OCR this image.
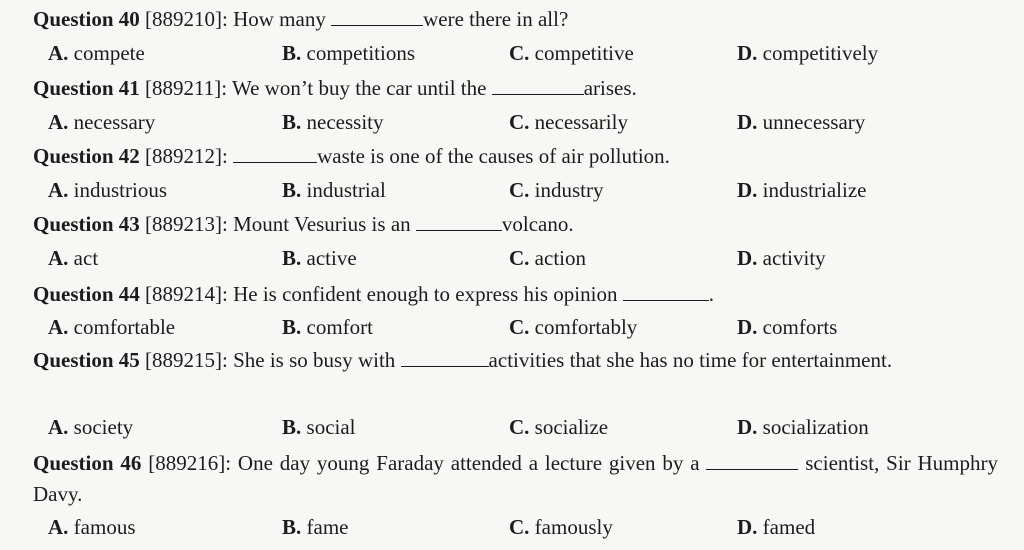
Question 40 [889210]: How many	were there in all?
A. compete	B. competitions	C. competitive	D. competitively
Question 41 [889211]: We won’t buy the car until the	arises.
A. necessary	B. necessity	C. necessarily	D. unnecessary
Question 42 [889212]:	waste is one of the causes of air pollution.
A. industrious	B. industrial	C. industry	D. industrialize
Question 43 [889213]: Mount Vesurius is an	volcano.
A. act	B. active	C. action	D. activity
Question 44 [889214]: He is confident enough to express his opinion	.
A. comfortable	B. comfort	C. comfortably	D. comforts
Question 45 [889215]: She is so busy with	activities that she has no time for entertainment.
A. society	B. social	C. socialize	D. socialization
Question 46 [889216]: One day young Faraday attended a lecture given by a	scientist, Sir Humphry Davy.
A. famous	B. fame	C. famously	D. famed
